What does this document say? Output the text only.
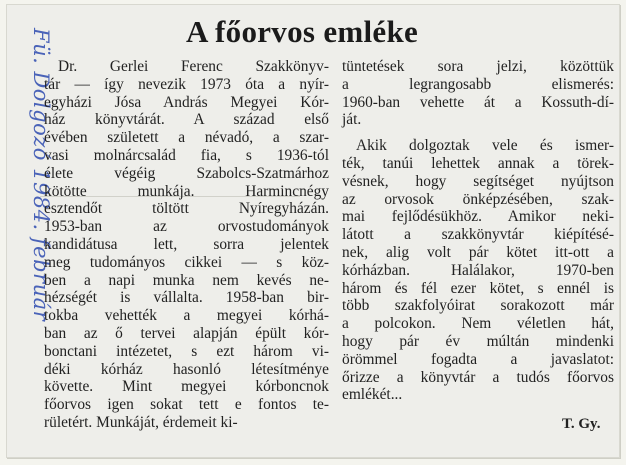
Fü. Dolgozó 1984. február	A főorvos emléke

Dr. Gerlei Ferenc Szakkönyv-
tár — így nevezik 1973 óta a nyír-
egyházi Jósa András Megyei Kór-
ház könyvtárát. A század első
évében született a névadó, a szar-
vasi molnárcsalád fia, s 1936-tól
élete végéig Szabolcs-Szatmárhoz
kötötte munkája. Harmincnégy
esztendőt töltött Nyíregyházán.
1953-ban az orvostudományok
kandidátusa lett, sorra jelentek
meg tudományos cikkei — s köz-
ben a napi munka nem kevés ne-
hézségét is vállalta. 1958-ban bir-
tokba vehették a megyei kórhá-
ban az ő tervei alapján épült kór-
bonctani intézetet, s ezt három vi-
déki kórház hasonló létesítménye
követte. Mint megyei kórboncnok
főorvos igen sokat tett e fontos te-
rületért. Munkáját, érdemeit ki-

tüntetések sora jelzi, közöttük
a legrangosabb elismerés:
1960-ban vehette át a Kossuth-dí-
ját.

Akik dolgoztak vele és ismer-
ték, tanúi lehettek annak a törek-
vésnek, hogy segítséget nyújtson
az orvosok önképzésében, szak-
mai fejlődésükhöz. Amikor neki-
látott a szakkönyvtár kiépítésé-
nek, alig volt pár kötet itt-ott a
kórházban. Halálakor, 1970-ben
három és fél ezer kötet, s ennél is
több szakfolyóirat sorakozott már
a polcokon. Nem véletlen hát,
hogy pár év múltán mindenki
örömmel fogadta a javaslatot:
őrizze a könyvtár a tudós főorvos
emlékét...

T. Gy.
